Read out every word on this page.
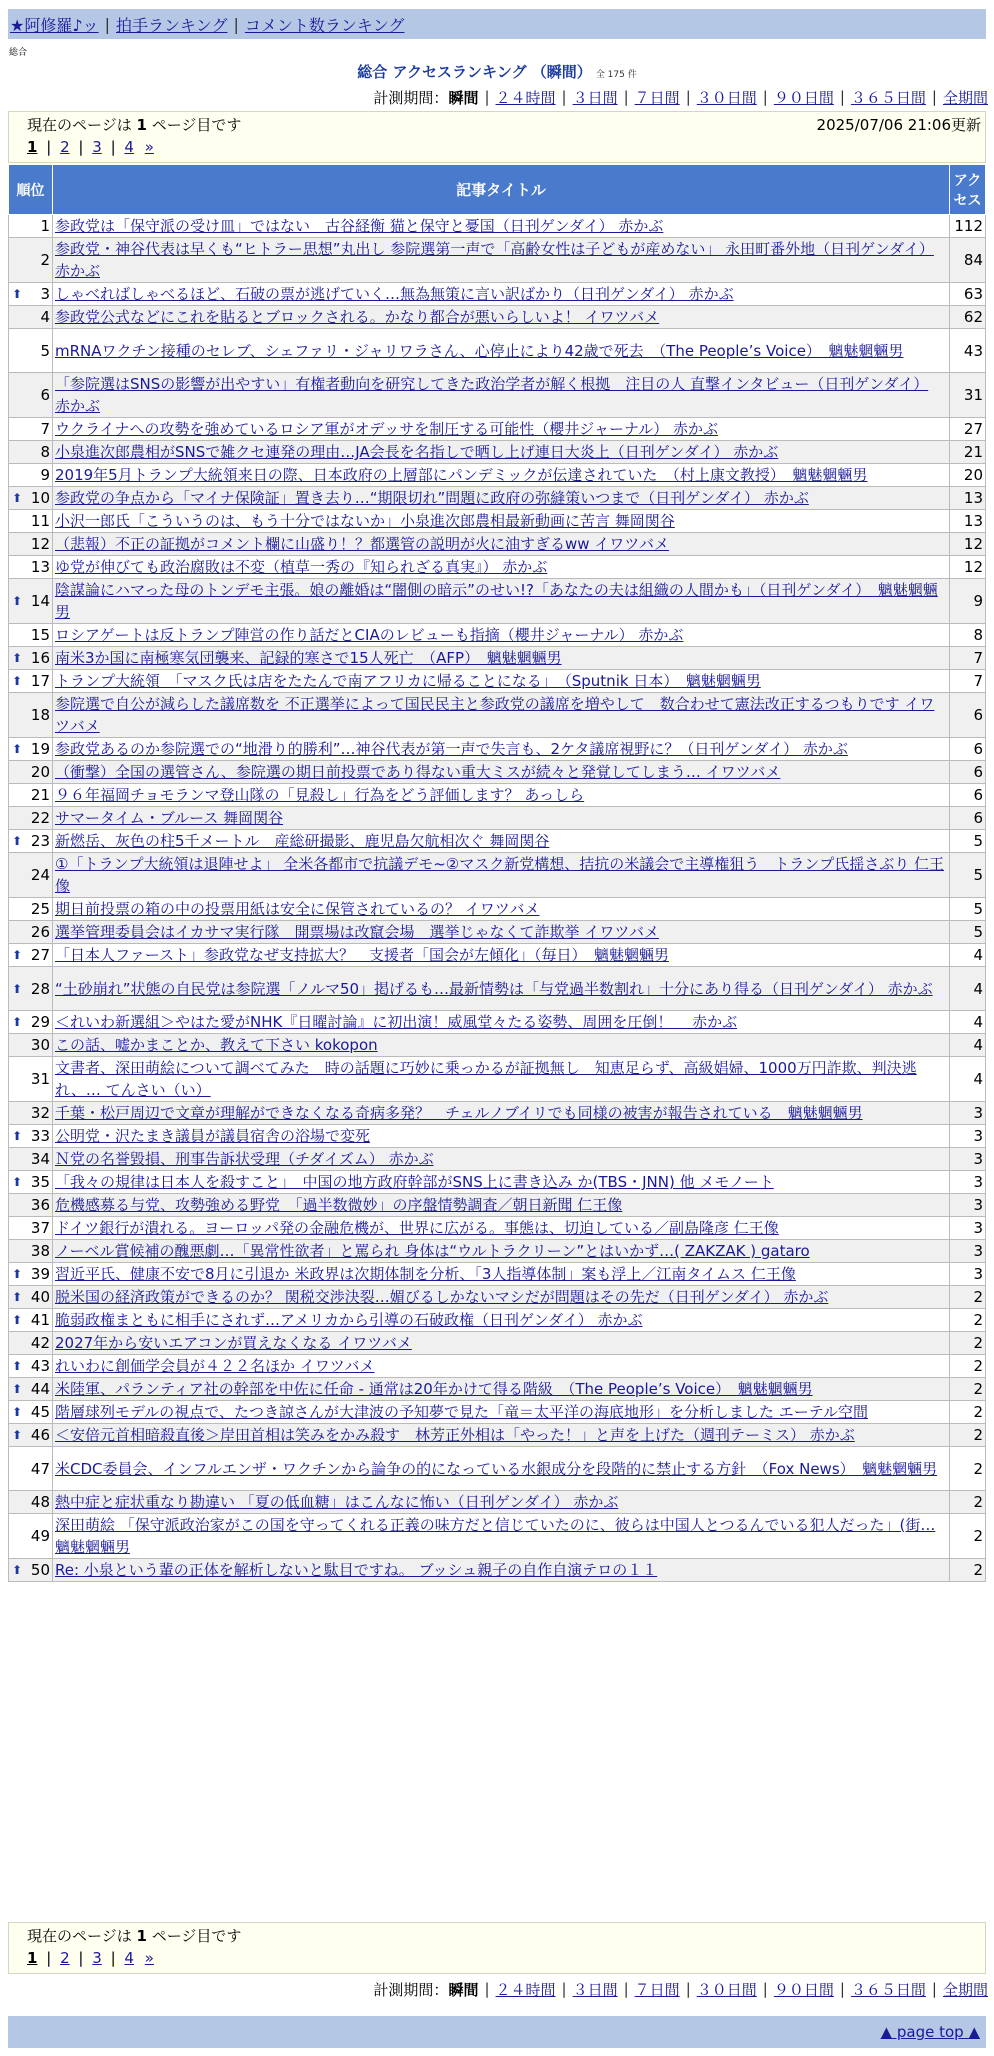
★阿修羅♪ッ | 拍手ランキング | コメント数ランキング
総合
総合 アクセスランキング （瞬間） 全 175 件
計測期間： 瞬間 | ２４時間 | ３日間 | ７日間 | ３０日間 | ９０日間 | ３６５日間 | 全期間
現在のページは 1 ページ目です	2025/07/06 21:06更新
1 | 2 | 3 | 4 »
順位	記事タイトル	アクセス
1	参政党は「保守派の受け皿」ではない　古谷経衡 猫と保守と憂国（日刊ゲンダイ） 赤かぶ	112
2	参政党・神谷代表は早くも“ヒトラー思想”丸出し 参院選第一声で「高齢女性は子どもが産めない」 永田町番外地（日刊ゲンダイ） 赤かぶ	84

⬆ 3	しゃべればしゃべるほど、石破の票が逃げていく…無為無策に言い訳ばかり（日刊ゲンダイ） 赤かぶ	63
4	参政党公式などにこれを貼るとブロックされる。かなり都合が悪いらしいよ！ イワツバメ	62
5	mRNAワクチン接種のセレブ、シェファリ・ジャリワラさん、心停止により42歳で死去　（The People’s Voice）　魑魅魍魎男	43
6	「参院選はSNSの影響が出やすい」有権者動向を研究してきた政治学者が解く根拠　注目の人 直撃インタビュー（日刊ゲンダイ） 赤かぶ	31
7	ウクライナへの攻勢を強めているロシア軍がオデッサを制圧する可能性（櫻井ジャーナル） 赤かぶ	27
8	小泉進次郎農相がSNSで雑クセ連発の理由…JA会長を名指しで晒し上げ連日大炎上（日刊ゲンダイ） 赤かぶ	21
9	2019年5月トランプ大統領来日の際、日本政府の上層部にパンデミックが伝達されていた　（村上康文教授）　魑魅魍魎男	20

⬆ 10	参政党の争点から「マイナ保険証」置き去り…“期限切れ”問題に政府の弥縫策いつまで（日刊ゲンダイ） 赤かぶ	13
11	小沢一郎氏「こういうのは、もう十分ではないか」小泉進次郎農相最新動画に苦言 舞岡関谷	13
12	（悲報）不正の証拠がコメント欄に山盛り！？都選管の説明が火に油すぎるww イワツバメ	12
13	ゆ党が伸びても政治腐敗は不変（植草一秀の『知られざる真実』） 赤かぶ	12

⬆ 14	陰謀論にハマった母のトンデモ主張。娘の離婚は“闇側の暗示”のせい!?「あなたの夫は組織の人間かも」（日刊ゲンダイ）　魑魅魍魎男	9
15	ロシアゲートは反トランプ陣営の作り話だとCIAのレビューも指摘（櫻井ジャーナル） 赤かぶ	8

⬆ 16	南米3か国に南極寒気団襲来、記録的寒さで15人死亡　（AFP）　魑魅魍魎男	7

⬆ 17	トランプ大統領　「マスク氏は店をたたんで南アフリカに帰ることになる」　（Sputnik 日本）　魑魅魍魎男	7
18	参院選で自公が減らした議席数を 不正選挙によって国民民主と参政党の議席を増やして　数合わせて憲法改正するつもりです イワツバメ	6

⬆ 19	参政党あるのか参院選での“地滑り的勝利”…神谷代表が第一声で失言も、2ケタ議席視野に？（日刊ゲンダイ） 赤かぶ	6
20	（衝撃）全国の選管さん、参院選の期日前投票であり得ない重大ミスが続々と発覚してしまう… イワツバメ	6
21	９６年福岡チョモランマ登山隊の「見殺し」行為をどう評価します？ あっしら	6
22	サマータイム・ブルース 舞岡関谷	6

⬆ 23	新燃岳、灰色の柱5千メートル　産総研撮影、鹿児島欠航相次ぐ 舞岡関谷	5
24	①「トランプ大統領は退陣せよ」 全米各都市で抗議デモ~②マスク新党構想、拮抗の米議会で主導権狙う　トランプ氏揺さぶり 仁王像	5
25	期日前投票の箱の中の投票用紙は安全に保管されているの？ イワツバメ	5
26	選挙管理委員会はイカサマ実行隊　開票場は改竄会場　選挙じゃなくて詐欺挙 イワツバメ	5

⬆ 27	「日本人ファースト」参政党なぜ支持拡大？　支援者「国会が左傾化」（毎日）　魑魅魍魎男	4

⬆ 28	“土砂崩れ”状態の自民党は参院選「ノルマ50」掲げるも…最新情勢は「与党過半数割れ」十分にあり得る（日刊ゲンダイ） 赤かぶ	4

⬆ 29	＜れいわ新選組＞やはた愛がNHK『日曜討論』に初出演！威風堂々たる姿勢、周囲を圧倒！　 赤かぶ	4
30	この話、嘘かまことか、教えて下さい kokopon	4
31	文書者、深田萌絵について調べてみた　時の話題に巧妙に乗っかるが証拠無し　知恵足らず、高級娼婦、1000万円詐欺、判決逃れ、… てんさい（い）	4
32	千葉・松戸周辺で文章が理解ができなくなる奇病多発？　チェルノブイリでも同様の被害が報告されている　魑魅魍魎男	3

⬆ 33	公明党・沢たまき議員が議員宿舎の浴場で変死	3
34	Ｎ党の名誉毀損、刑事告訴状受理（チダイズム） 赤かぶ	3

⬆ 35	「我々の規律は日本人を殺すこと」　中国の地方政府幹部がSNS上に書き込み か(TBS・JNN) 他 メモノート	3
36	危機感募る与党、攻勢強める野党　「過半数微妙」の序盤情勢調査／朝日新聞 仁王像	3
37	ドイツ銀行が潰れる。ヨーロッパ発の金融危機が、世界に広がる。事態は、切迫している／副島隆彦 仁王像	3
38	ノーベル賞候補の醜悪劇…「異常性欲者」と罵られ 身体は“ウルトラクリーン”とはいかず…( ZAKZAK ) gataro	3

⬆ 39	習近平氏、健康不安で8月に引退か 米政界は次期体制を分析、「3人指導体制」案も浮上／江南タイムス 仁王像	3

⬆ 40	脱米国の経済政策ができるのか？ 関税交渉決裂…媚びるしかないマシだが問題はその先だ（日刊ゲンダイ） 赤かぶ	2

⬆ 41	脆弱政権まともに相手にされず…アメリカから引導の石破政権（日刊ゲンダイ） 赤かぶ	2
42	2027年から安いエアコンが買えなくなる イワツバメ	2

⬆ 43	れいわに創価学会員が４２２名ほか イワツバメ	2

⬆ 44	米陸軍、パランティア社の幹部を中佐に任命 - 通常は20年かけて得る階級　（The People’s Voice）　魑魅魍魎男	2

⬆ 45	階層球列モデルの視点で、たつき諒さんが大津波の予知夢で見た「竜＝太平洋の海底地形」を分析しました エーテル空間	2

⬆ 46	＜安倍元首相暗殺直後＞岸田首相は笑みをかみ殺す　林芳正外相は「やった！」と声を上げた（週刊テーミス） 赤かぶ	2
47	米CDC委員会、インフルエンザ・ワクチンから論争の的になっている水銀成分を段階的に禁止する方針　（Fox News）　魑魅魍魎男	2
48	熱中症と症状重なり勘違い 「夏の低血糖」はこんなに怖い（日刊ゲンダイ） 赤かぶ	2
49	深田萌絵 「保守派政治家がこの国を守ってくれる正義の味方だと信じていたのに、彼らは中国人とつるんでいる犯人だった」(街… 魑魅魍魎男	2

⬆ 50	Re: 小泉という輩の正体を解析しないと駄目ですね。 ブッシュ親子の自作自演テロの１１	2
現在のページは 1 ページ目です
1 | 2 | 3 | 4 »
計測期間： 瞬間 | ２４時間 | ３日間 | ７日間 | ３０日間 | ９０日間 | ３６５日間 | 全期間
▲ page top ▲
